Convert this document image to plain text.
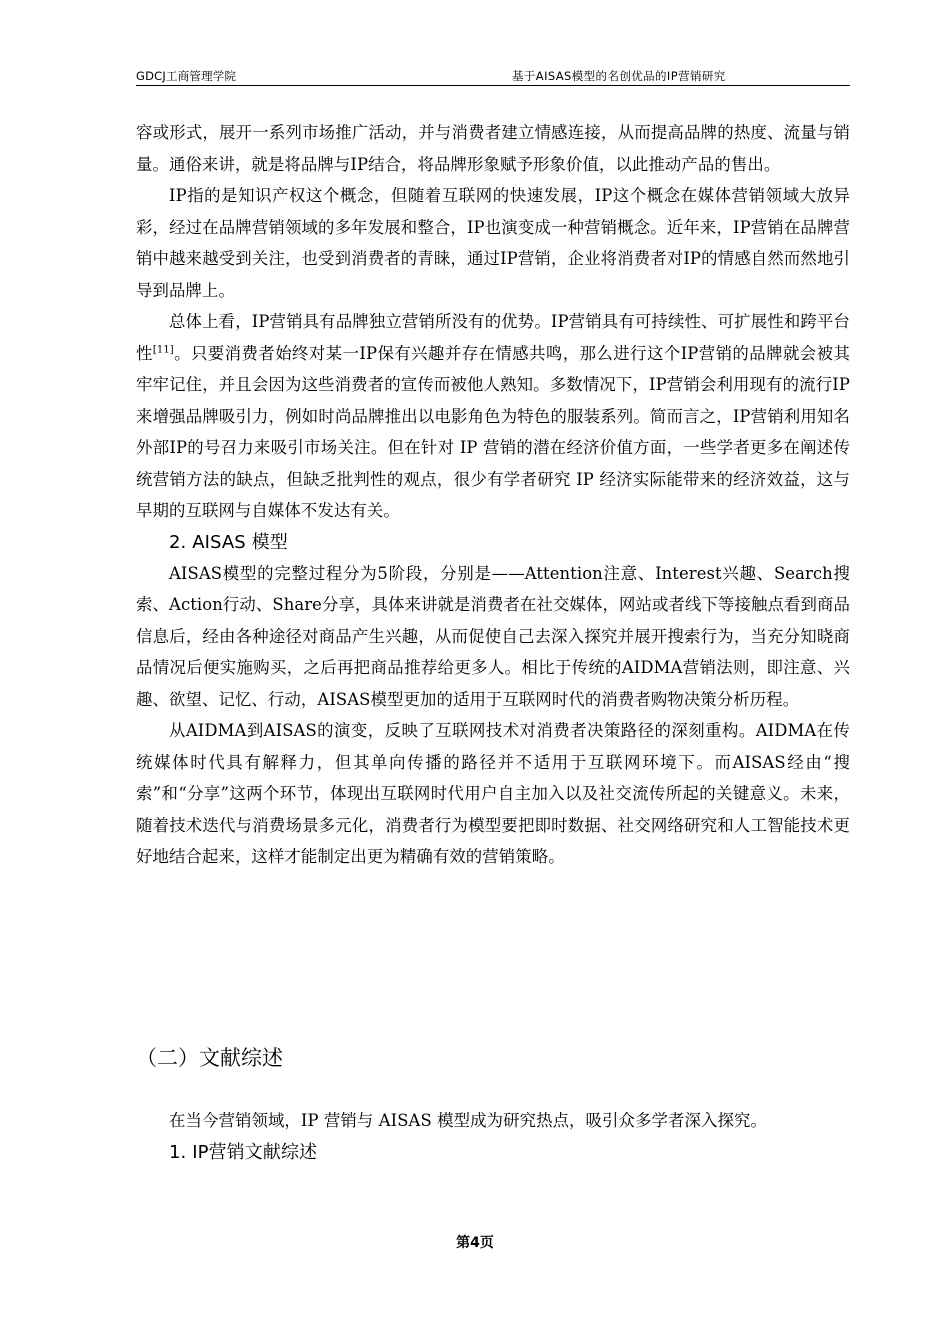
GDCJ工商管理学院	基于AISAS模型的名创优品的IP营销研究

容或形式，展开一系列市场推广活动，并与消费者建立情感连接，从而提高品牌的热度、流量与销量。通俗来讲，就是将品牌与IP结合，将品牌形象赋予形象价值，以此推动产品的售出。

IP指的是知识产权这个概念，但随着互联网的快速发展，IP这个概念在媒体营销领域大放异彩，经过在品牌营销领域的多年发展和整合，IP也演变成一种营销概念。近年来，IP营销在品牌营销中越来越受到关注，也受到消费者的青睐，通过IP营销，企业将消费者对IP的情感自然而然地引导到品牌上。

总体上看，IP营销具有品牌独立营销所没有的优势。IP营销具有可持续性、可扩展性和跨平台性[11]。只要消费者始终对某一IP保有兴趣并存在情感共鸣，那么进行这个IP营销的品牌就会被其牢牢记住，并且会因为这些消费者的宣传而被他人熟知。多数情况下，IP营销会利用现有的流行IP来增强品牌吸引力，例如时尚品牌推出以电影角色为特色的服装系列。简而言之，IP营销利用知名外部IP的号召力来吸引市场关注。但在针对 IP 营销的潜在经济价值方面，一些学者更多在阐述传统营销方法的缺点，但缺乏批判性的观点，很少有学者研究 IP 经济实际能带来的经济效益，这与早期的互联网与自媒体不发达有关。

2. AISAS 模型

AISAS模型的完整过程分为5阶段，分别是——Attention注意、Interest兴趣、Search搜索、Action行动、Share分享，具体来讲就是消费者在社交媒体，网站或者线下等接触点看到商品信息后，经由各种途径对商品产生兴趣，从而促使自己去深入探究并展开搜索行为，当充分知晓商品情况后便实施购买，之后再把商品推荐给更多人。相比于传统的AIDMA营销法则，即注意、兴趣、欲望、记忆、行动，AISAS模型更加的适用于互联网时代的消费者购物决策分析历程。

从AIDMA到AISAS的演变，反映了互联网技术对消费者决策路径的深刻重构。AIDMA在传统媒体时代具有解释力，但其单向传播的路径并不适用于互联网环境下。而AISAS经由“搜索”和“分享”这两个环节，体现出互联网时代用户自主加入以及社交流传所起的关键意义。未来，随着技术迭代与消费场景多元化，消费者行为模型要把即时数据、社交网络研究和人工智能技术更好地结合起来，这样才能制定出更为精确有效的营销策略。

（二）文献综述

在当今营销领域，IP 营销与 AISAS 模型成为研究热点，吸引众多学者深入探究。

1. IP营销文献综述

第4页
